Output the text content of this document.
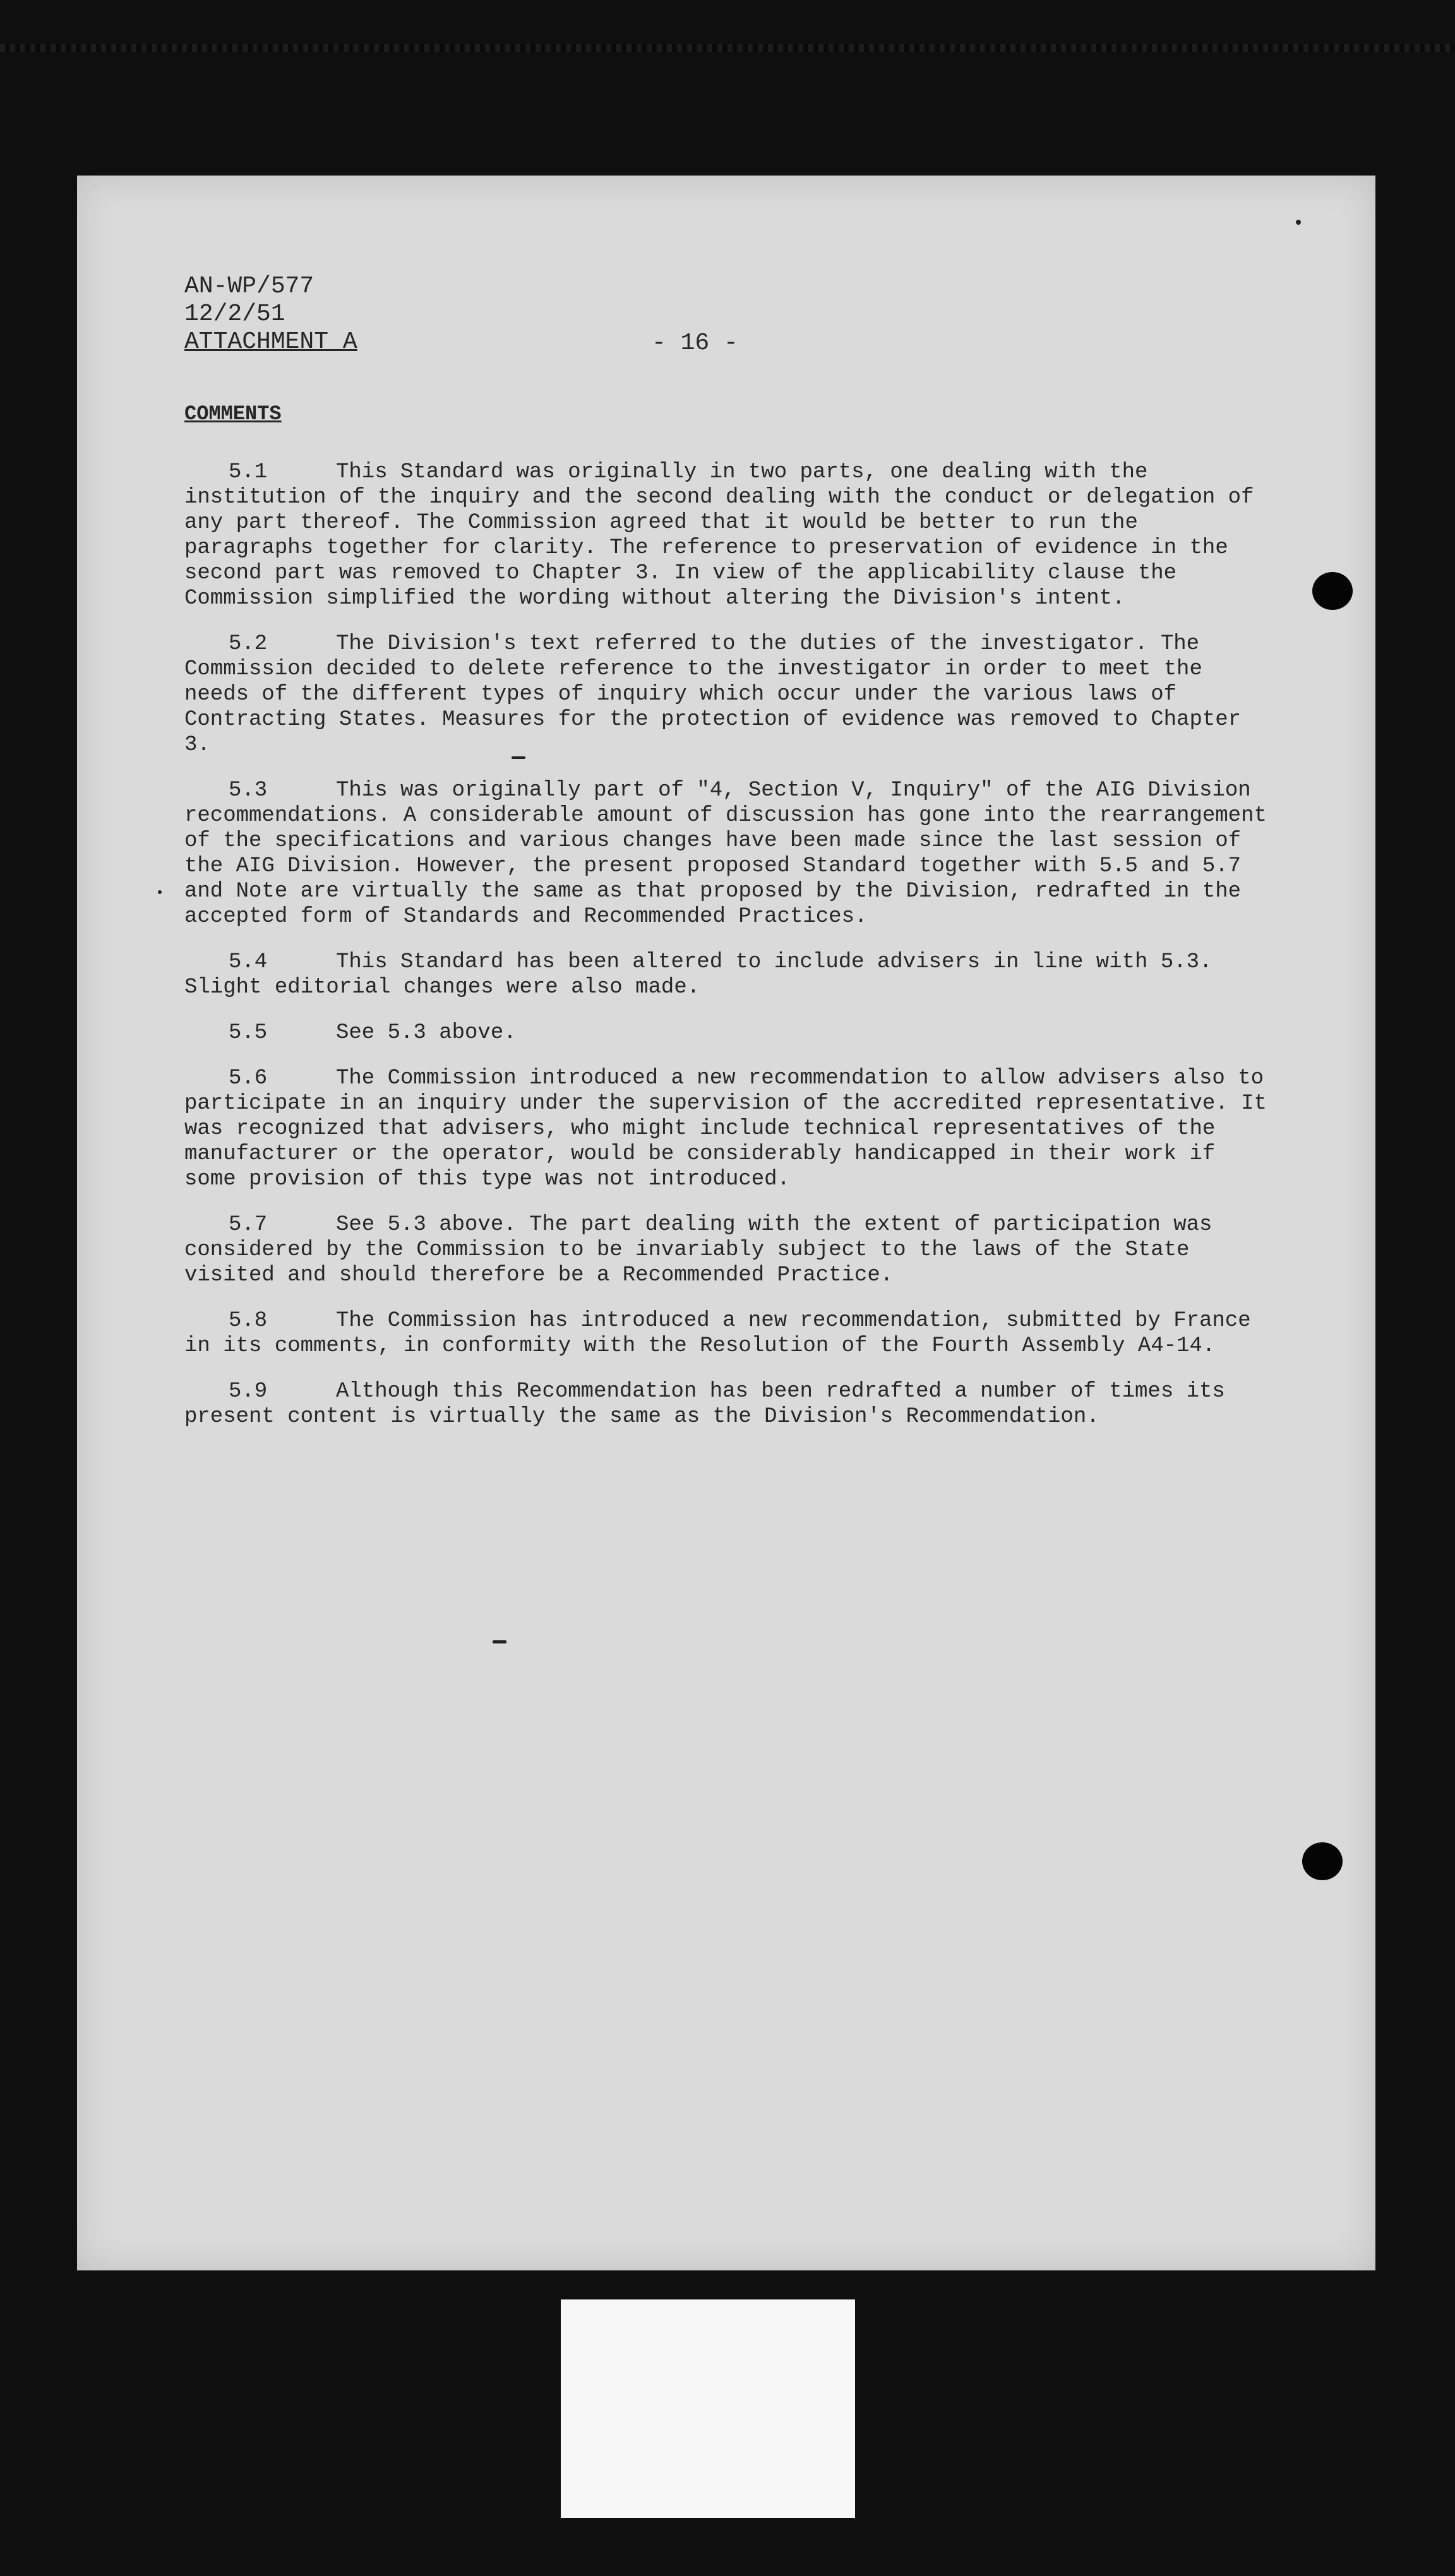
AN-WP/577
12/2/51
ATTACHMENT A	- 16 -
COMMENTS
5.1	This Standard was originally in two parts, one dealing with the institution of the inquiry and the second dealing with the conduct or delegation of any part thereof. The Commission agreed that it would be better to run the paragraphs together for clarity. The reference to preservation of evidence in the second part was removed to Chapter 3. In view of the applicability clause the Commission simplified the wording without altering the Division's intent.
5.2	The Division's text referred to the duties of the investigator. The Commission decided to delete reference to the investigator in order to meet the needs of the different types of inquiry which occur under the various laws of Contracting States. Measures for the protection of evidence was removed to Chapter 3.
5.3	This was originally part of "4, Section V, Inquiry" of the AIG Division recommendations. A considerable amount of discussion has gone into the rearrangement of the specifications and various changes have been made since the last session of the AIG Division. However, the present proposed Standard together with 5.5 and 5.7 and Note are virtually the same as that proposed by the Division, redrafted in the accepted form of Standards and Recommended Practices.
5.4	This Standard has been altered to include advisers in line with 5.3. Slight editorial changes were also made.
5.5	See 5.3 above.
5.6	The Commission introduced a new recommendation to allow advisers also to participate in an inquiry under the supervision of the accredited representative. It was recognized that advisers, who might include technical representatives of the manufacturer or the operator, would be considerably handicapped in their work if some provision of this type was not introduced.
5.7	See 5.3 above. The part dealing with the extent of participation was considered by the Commission to be invariably subject to the laws of the State visited and should therefore be a Recommended Practice.
5.8	The Commission has introduced a new recommendation, submitted by France in its comments, in conformity with the Resolution of the Fourth Assembly A4-14.
5.9	Although this Recommendation has been redrafted a number of times its present content is virtually the same as the Division's Recommendation.
